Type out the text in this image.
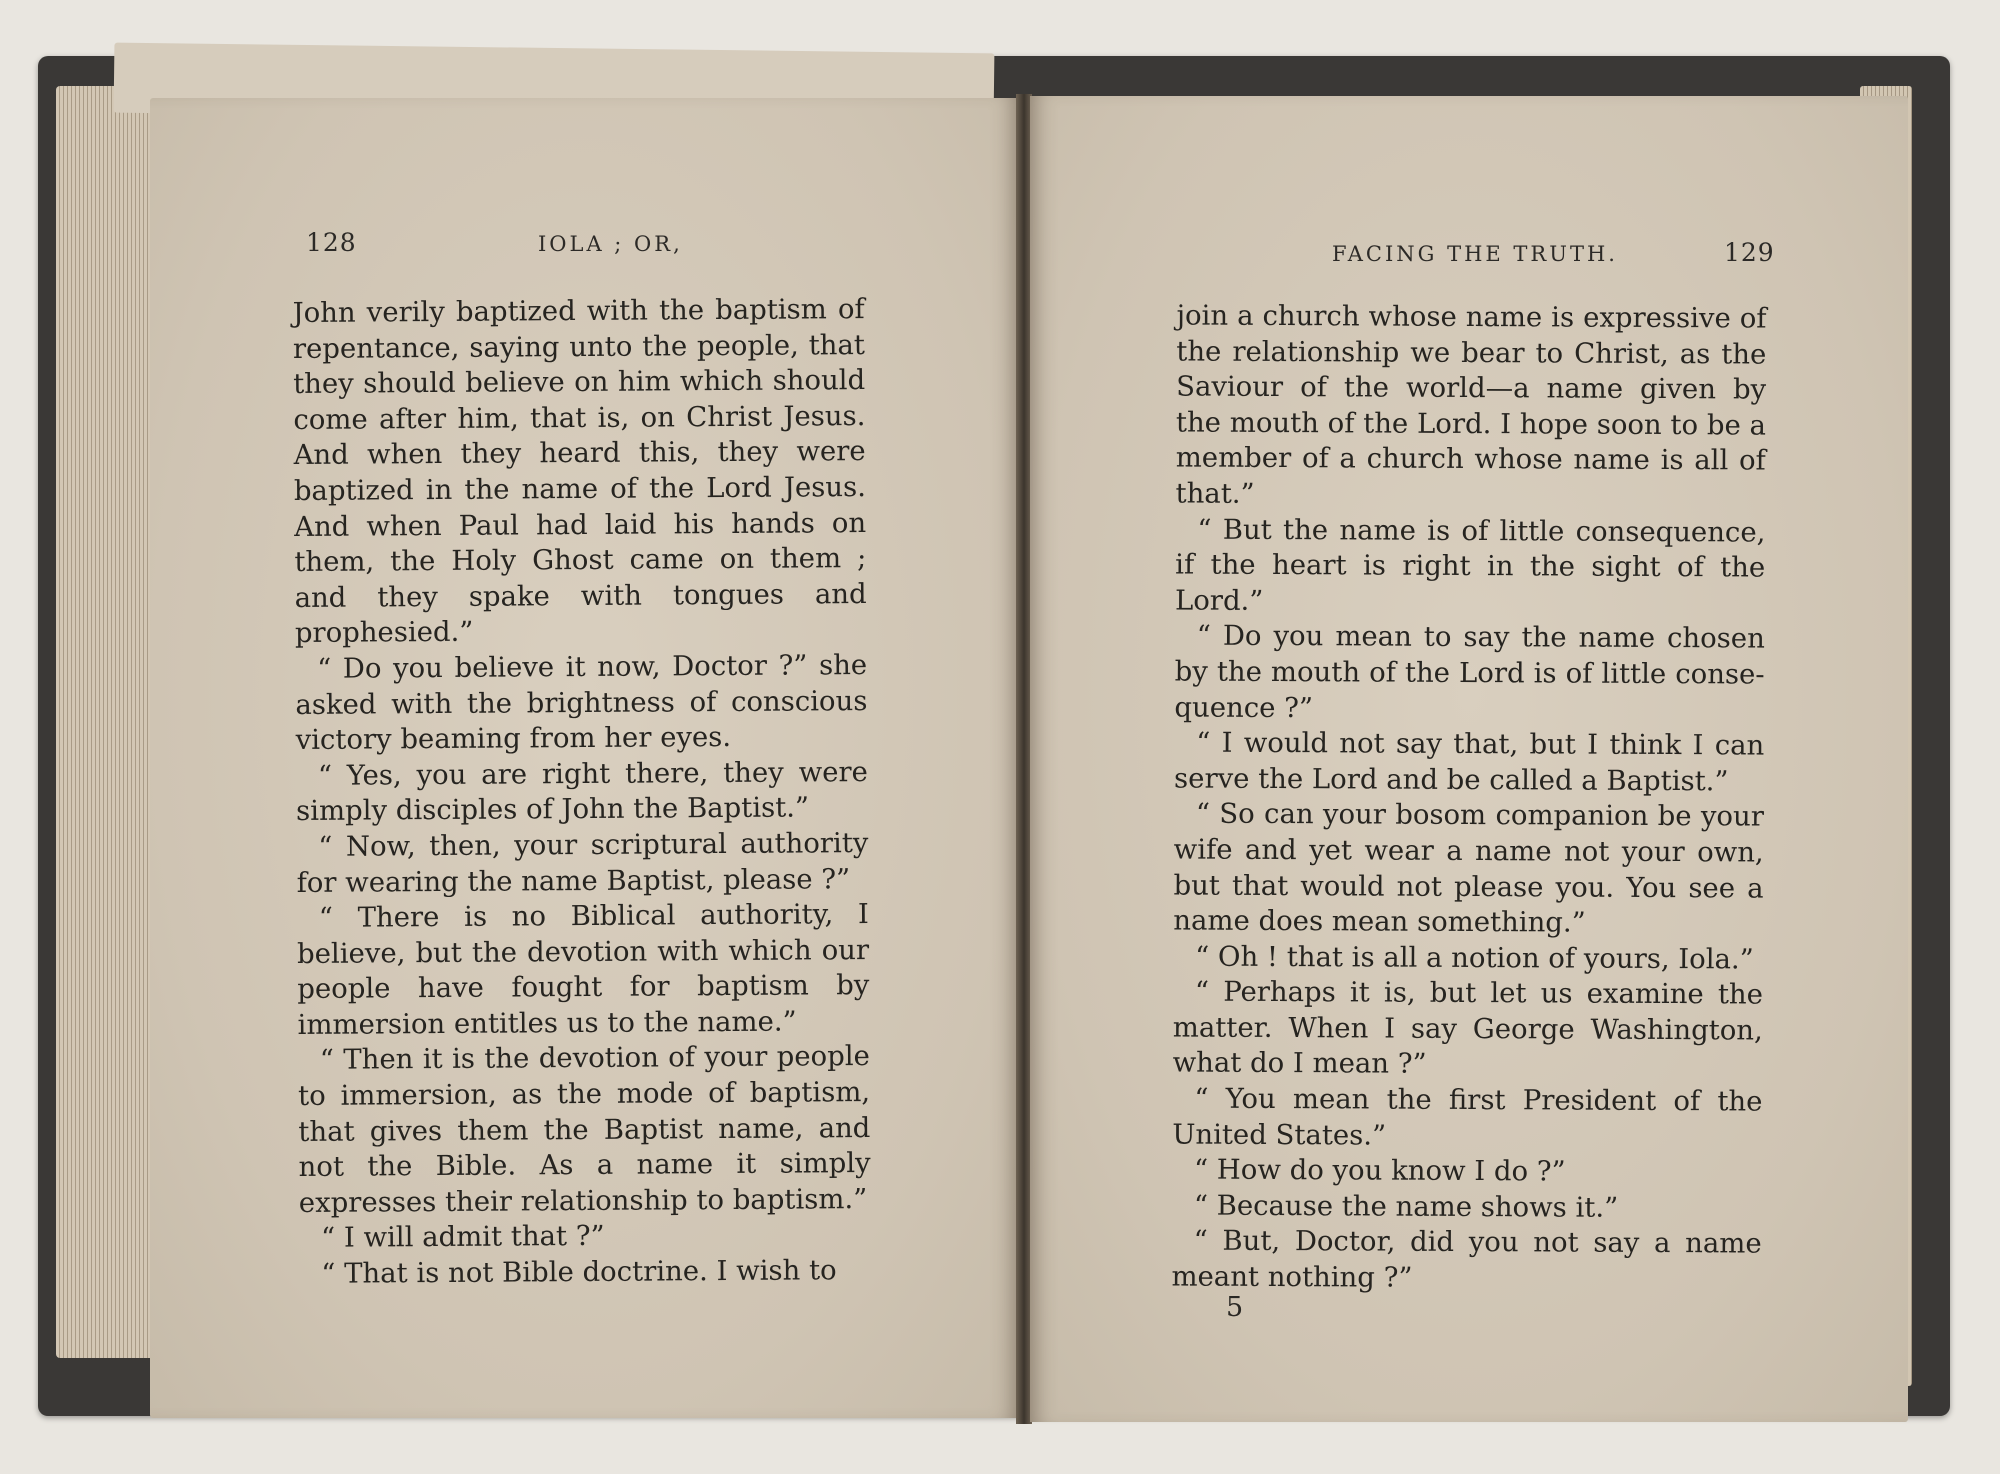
128	IOLA ; OR,

John verily baptized with the baptism of repentance, saying unto the people, that they should believe on him which should come after him, that is, on Christ Jesus. And when they heard this, they were baptized in the name of the Lord Jesus. And when Paul had laid his hands on them, the Holy Ghost came on them ; and they spake with tongues and prophesied.”

“ Do you believe it now, Doctor ?” she asked with the brightness of conscious victory beaming from her eyes.

“ Yes, you are right there, they were simply disciples of John the Baptist.”

“ Now, then, your scriptural authority for wearing the name Baptist, please ?”

“ There is no Biblical authority, I believe, but the devotion with which our people have fought for baptism by immersion entitles us to the name.”

“ Then it is the devotion of your people to immersion, as the mode of baptism, that gives them the Baptist name, and not the Bible. As a name it simply expresses their relationship to baptism.”

“ I will admit that ?”

“ That is not Bible doctrine. I wish to

FACING THE TRUTH.	129

join a church whose name is expressive of the relationship we bear to Christ, as the Saviour of the world—a name given by the mouth of the Lord. I hope soon to be a member of a church whose name is all of that.”

“ But the name is of little consequence, if the heart is right in the sight of the Lord.”

“ Do you mean to say the name chosen by the mouth of the Lord is of little consequence ?”

“ I would not say that, but I think I can serve the Lord and be called a Baptist.”

“ So can your bosom companion be your wife and yet wear a name not your own, but that would not please you. You see a name does mean something.”

“ Oh ! that is all a notion of yours, Iola.”

“ Perhaps it is, but let us examine the matter. When I say George Washington, what do I mean ?”

“ You mean the first President of the United States.”

“ How do you know I do ?”

“ Because the name shows it.”

“ But, Doctor, did you not say a name meant nothing ?”

5
